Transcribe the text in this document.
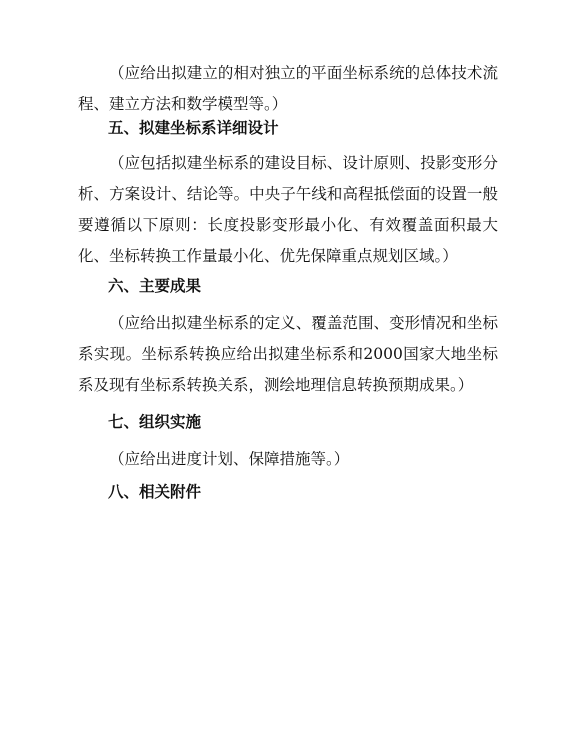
（应给出拟建立的相对独立的平面坐标系统的总体技术流程、建立方法和数学模型等。）

五、拟建坐标系详细设计

（应包括拟建坐标系的建设目标、设计原则、投影变形分析、方案设计、结论等。中央子午线和高程抵偿面的设置一般要遵循以下原则：长度投影变形最小化、有效覆盖面积最大化、坐标转换工作量最小化、优先保障重点规划区域。）

六、主要成果

（应给出拟建坐标系的定义、覆盖范围、变形情况和坐标系实现。坐标系转换应给出拟建坐标系和2000国家大地坐标系及现有坐标系转换关系，测绘地理信息转换预期成果。）

七、组织实施

（应给出进度计划、保障措施等。）

八、相关附件
